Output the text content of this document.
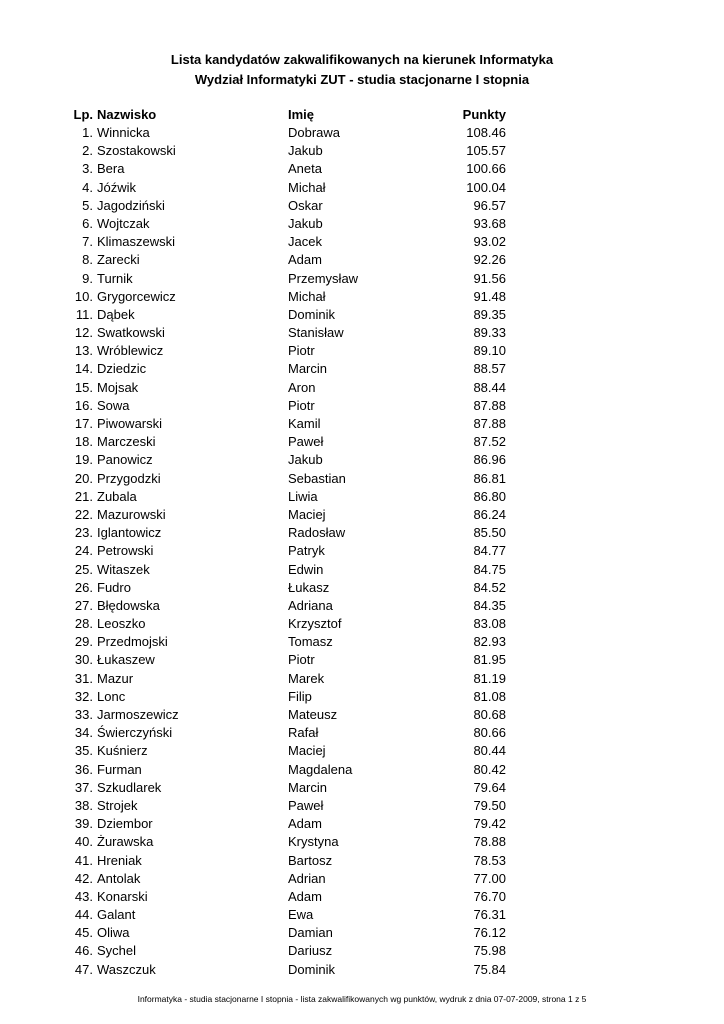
Lista kandydatów zakwalifikowanych na kierunek Informatyka
Wydział Informatyki ZUT - studia stacjonarne I stopnia
Lp. Nazwisko	Imię	Punkty
1. Winnicka	Dobrawa	108.46
2. Szostakowski	Jakub	105.57
3. Bera	Aneta	100.66
4. Jóźwik	Michał	100.04
5. Jagodziński	Oskar	96.57
6. Wojtczak	Jakub	93.68
7. Klimaszewski	Jacek	93.02
8. Zarecki	Adam	92.26
9. Turnik	Przemysław	91.56
10. Grygorcewicz	Michał	91.48
11. Dąbek	Dominik	89.35
12. Swatkowski	Stanisław	89.33
13. Wróblewicz	Piotr	89.10
14. Dziedzic	Marcin	88.57
15. Mojsak	Aron	88.44
16. Sowa	Piotr	87.88
17. Piwowarski	Kamil	87.88
18. Marczeski	Paweł	87.52
19. Panowicz	Jakub	86.96
20. Przygodzki	Sebastian	86.81
21. Zubala	Liwia	86.80
22. Mazurowski	Maciej	86.24
23. Iglantowicz	Radosław	85.50
24. Petrowski	Patryk	84.77
25. Witaszek	Edwin	84.75
26. Fudro	Łukasz	84.52
27. Błędowska	Adriana	84.35
28. Leoszko	Krzysztof	83.08
29. Przedmojski	Tomasz	82.93
30. Łukaszew	Piotr	81.95
31. Mazur	Marek	81.19
32. Lonc	Filip	81.08
33. Jarmoszewicz	Mateusz	80.68
34. Świerczyński	Rafał	80.66
35. Kuśnierz	Maciej	80.44
36. Furman	Magdalena	80.42
37. Szkudlarek	Marcin	79.64
38. Strojek	Paweł	79.50
39. Dziembor	Adam	79.42
40. Żurawska	Krystyna	78.88
41. Hreniak	Bartosz	78.53
42. Antolak	Adrian	77.00
43. Konarski	Adam	76.70
44. Galant	Ewa	76.31
45. Oliwa	Damian	76.12
46. Sychel	Dariusz	75.98
47. Waszczuk	Dominik	75.84
Informatyka - studia stacjonarne I stopnia - lista zakwalifikowanych wg punktów, wydruk z dnia 07-07-2009, strona 1 z 5
